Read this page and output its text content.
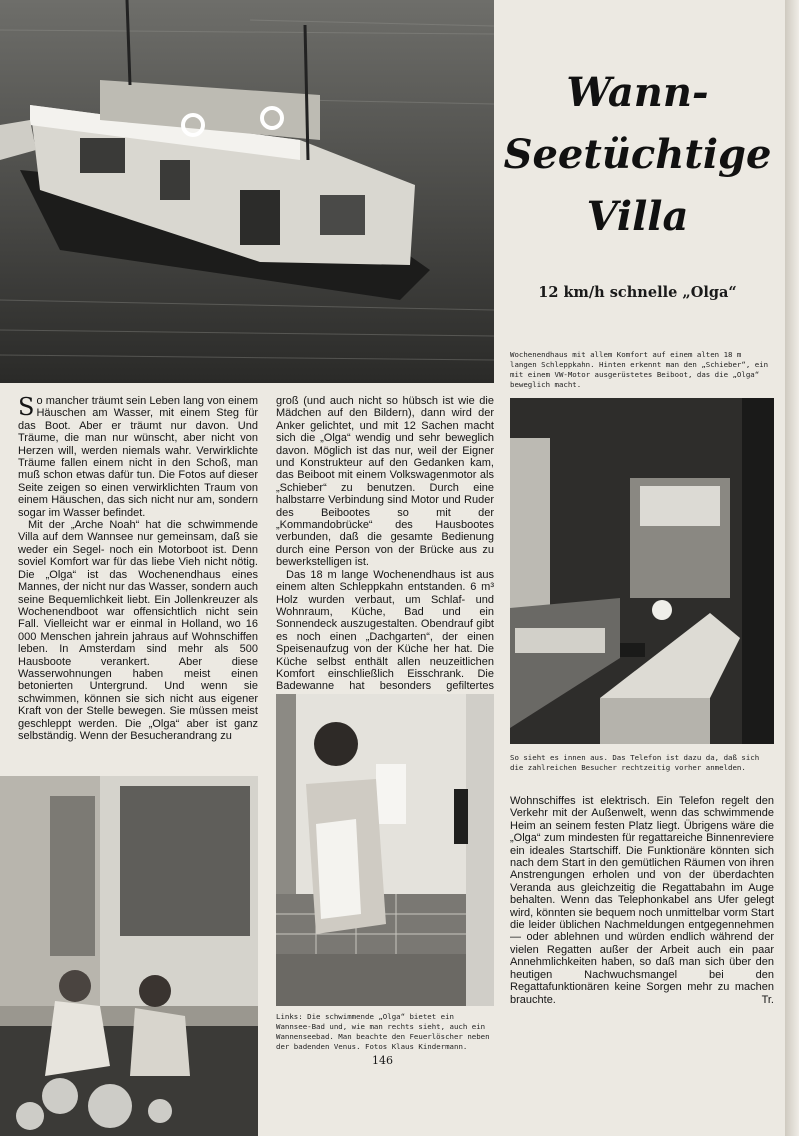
Wann-
Seetüchtige
Villa
12 km/h schnelle „Olga“
Wochenendhaus mit allem Komfort auf einem alten 18 m langen Schleppkahn. Hinten erkennt man den „Schieber“, ein mit einem VW-Motor ausgerüstetes Beiboot, das die „Olga“ beweglich macht.
So sieht es innen aus. Das Telefon ist dazu da, daß sich die zahlreichen Besucher rechtzeitig vorher anmelden.

So mancher träumt sein Leben lang von einem Häuschen am Wasser, mit einem Steg für das Boot. Aber er träumt nur davon. Und Träume, die man nur wünscht, aber nicht von Herzen will, werden niemals wahr. Verwirklichte Träume fallen einem nicht in den Schoß, man muß schon etwas dafür tun. Die Fotos auf dieser Seite zeigen so einen verwirklichten Traum von einem Häuschen, das sich nicht nur am, sondern sogar im Wasser befindet.

Mit der „Arche Noah“ hat die schwimmende Villa auf dem Wannsee nur gemeinsam, daß sie weder ein Segel- noch ein Motorboot ist. Denn soviel Komfort war für das liebe Vieh nicht nötig. Die „Olga“ ist das Wochenendhaus eines Mannes, der nicht nur das Wasser, sondern auch seine Bequemlichkeit liebt. Ein Jollenkreuzer als Wochenendboot war offensichtlich nicht sein Fall. Vielleicht war er einmal in Holland, wo 16 000 Menschen jahrein jahraus auf Wohnschiffen leben. In Amsterdam sind mehr als 500 Hausboote verankert. Aber diese Wasserwohnungen haben meist einen betonierten Untergrund. Und wenn sie schwimmen, können sie sich nicht aus eigener Kraft von der Stelle bewegen. Sie müssen meist geschleppt werden. Die „Olga“ aber ist ganz selbständig. Wenn der Besucherandrang zu

groß (und auch nicht so hübsch ist wie die Mädchen auf den Bildern), dann wird der Anker gelichtet, und mit 12 Sachen macht sich die „Olga“ wendig und sehr beweglich davon. Möglich ist das nur, weil der Eigner und Konstrukteur auf den Gedanken kam, das Beiboot mit einem Volkswagenmotor als „Schieber“ zu benutzen. Durch eine halbstarre Verbindung sind Motor und Ruder des Beibootes so mit der „Kommandobrücke“ des Hausbootes verbunden, daß die gesamte Bedienung durch eine Person von der Brücke aus zu bewerkstelligen ist.

Das 18 m lange Wochenendhaus ist aus einem alten Schleppkahn entstanden. 6 m³ Holz wurden verbaut, um Schlaf- und Wohnraum, Küche, Bad und ein Sonnendeck auszugestalten. Obendrauf gibt es noch einen „Dachgarten“, der einen Speisenaufzug von der Küche her hat. Die Küche selbst enthält allen neuzeitlichen Komfort einschließlich Eisschrank. Die Badewanne hat besonders gefiltertes

Links: Die schwimmende „Olga“ bietet ein Wannsee-Bad und, wie man rechts sieht, auch ein Wannenseebad. Man beachte den Feuerlöscher neben der badenden Venus. Fotos Klaus Kindermann.

Wohnschiffes ist elektrisch. Ein Telefon regelt den Verkehr mit der Außenwelt, wenn das schwimmende Heim an seinem festen Platz liegt. Übrigens wäre die „Olga“ zum mindesten für regattareiche Binnenreviere ein ideales Startschiff. Die Funktionäre könnten sich nach dem Start in den gemütlichen Räumen von ihren Anstrengungen erholen und von der überdachten Veranda aus gleichzeitig die Regattabahn im Auge behalten. Wenn das Telephonkabel ans Ufer gelegt wird, könnten sie bequem noch unmittelbar vorm Start die leider üblichen Nachmeldungen entgegennehmen — oder ablehnen und würden endlich während der vielen Regatten außer der Arbeit auch ein paar Annehmlichkeiten haben, so daß man sich über den heutigen Nachwuchsmangel bei den Regattafunktionären keine Sorgen mehr zu machen brauchte.	Tr.

146
